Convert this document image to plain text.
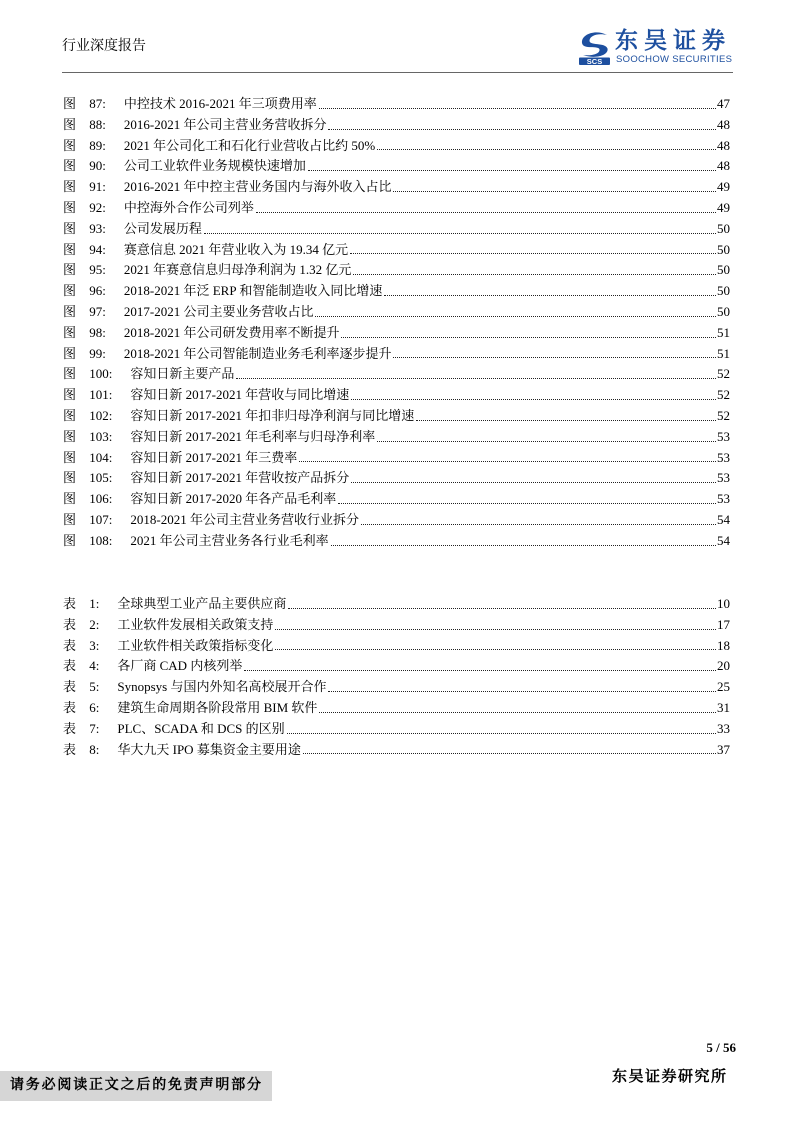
行业深度报告
SCS
东吴证券
SOOCHOW SECURITIES
图 87: 中控技术 2016-2021 年三项费用率	47
图 88: 2016-2021 年公司主营业务营收拆分	48
图 89: 2021 年公司化工和石化行业营收占比约 50%	48
图 90: 公司工业软件业务规模快速增加	48
图 91: 2016-2021 年中控主营业务国内与海外收入占比	49
图 92: 中控海外合作公司列举	49
图 93: 公司发展历程	50
图 94: 赛意信息 2021 年营业收入为 19.34 亿元	50
图 95: 2021 年赛意信息归母净利润为 1.32 亿元	50
图 96: 2018-2021 年泛 ERP 和智能制造收入同比增速	50
图 97: 2017-2021 公司主要业务营收占比	50
图 98: 2018-2021 年公司研发费用率不断提升	51
图 99: 2018-2021 年公司智能制造业务毛利率逐步提升	51
图 100: 容知日新主要产品	52
图 101: 容知日新 2017-2021 年营收与同比增速	52
图 102: 容知日新 2017-2021 年扣非归母净利润与同比增速	52
图 103: 容知日新 2017-2021 年毛利率与归母净利率	53
图 104: 容知日新 2017-2021 年三费率	53
图 105: 容知日新 2017-2021 年营收按产品拆分	53
图 106: 容知日新 2017-2020 年各产品毛利率	53
图 107: 2018-2021 年公司主营业务营收行业拆分	54
图 108: 2021 年公司主营业务各行业毛利率	54
表 1: 全球典型工业产品主要供应商	10
表 2: 工业软件发展相关政策支持	17
表 3: 工业软件相关政策指标变化	18
表 4: 各厂商 CAD 内核列举	20
表 5: Synopsys 与国内外知名高校展开合作	25
表 6: 建筑生命周期各阶段常用 BIM 软件	31
表 7: PLC、SCADA 和 DCS 的区别	33
表 8: 华大九天 IPO 募集资金主要用途	37
5 / 56
请务必阅读正文之后的免责声明部分
东吴证券研究所
